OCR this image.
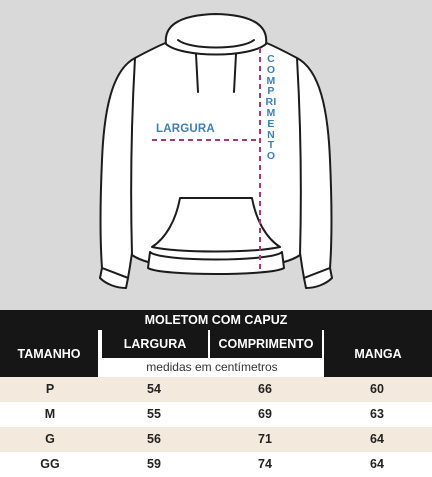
LARGURA
COMPRIMENTO
MOLETOM COM CAPUZ
TAMANHO
LARGURA	COMPRIMENTO
MANGA
medidas em centímetros
P	54	66	60
M	55	69	63
G	56	71	64
GG	59	74	64
